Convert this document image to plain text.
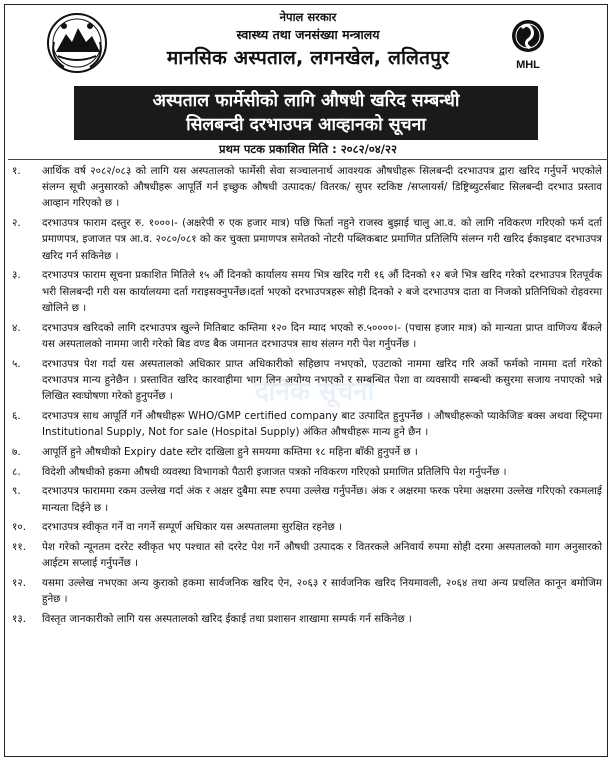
नेपाल सरकार
स्वास्थ्य तथा जनसंख्या मन्त्रालय
मानसिक अस्पताल, लगनखेल, ललितपुर	MHL
अस्पताल फार्मेसीको लागि औषधी खरिद सम्बन्धी
सिलबन्दी दरभाउपत्र आव्हानको सूचना
प्रथम पटक प्रकाशित मिति : २०८२/०४/२२
देनिक सूचना
१.	आर्थिक वर्ष २०८२/०८३ को लागि यस अस्पतालको फार्मेसी सेवा सञ्चालनार्थ आवश्यक औषधीहरू सिलबन्दी दरभाउपत्र द्वारा खरिद गर्नुपर्ने भएकोले संलग्न सूची अनुसारको औषधीहरू आपूर्ति गर्न इच्छुक औषधी उत्पादक/ वितरक/ सुपर स्टकिष्ट /सप्लायर्स/ डिष्ट्रिब्युटर्सबाट सिलबन्दी दरभाउ प्रस्ताव आव्हान गरिएको छ ।
२.	दरभाउपत्र फाराम दस्तुर रु. १०००।- (अक्षरेपी रु एक हजार मात्र) पछि फिर्ता नहुने राजस्व बुझाई चालु आ.व. को लागि नविकरण गरिएको फर्म दर्ता प्रमाणपत्र, इजाजत पत्र आ.व. २०८०/०८१ को कर चुक्ता प्रमाणपत्र समेतको नोटरी पब्लिकबाट प्रमाणित प्रतिलिपि संलग्न गरी खरिद ईकाइबाट दरभाउपत्र खरिद गर्न सकिनेछ ।
३.	दरभाउपत्र फाराम सूचना प्रकाशित मितिले १५ औं दिनको कार्यालय समय भित्र खरिद गरी १६ औं दिनको १२ बजे भित्र खरिद गरेको दरभाउपत्र रितपूर्वक भरी सिलबन्दी गरी यस कार्यालयमा दर्ता गराइसक्नुपर्नेछ।दर्ता भएको दरभाउपत्रहरू सोही दिनको २ बजे दरभाउपत्र दाता वा निजको प्रतिनिधिको रोहवरमा खोलिने छ ।
४.	दरभाउपत्र खरिदको लागि दरभाउपत्र खुल्ने मितिबाट कम्तिमा १२० दिन म्याद भएको रु.५००००।- (पचास हजार मात्र) को मान्यता प्राप्त वाणिज्य बैंकले यस अस्पतालको नाममा जारी गरेको बिड वण्ड बैक जमानत दरभाउपत्र साथ संलग्न गरी पेश गर्नुपर्नेछ ।
५.	दरभाउपत्र पेश गर्दा यस अस्पतालको अधिकार प्राप्त अधिकारीको सहिछाप नभएको, एउटाको नाममा खरिद गरि अर्को फर्मको नाममा दर्ता गरेको दरभाउपत्र मान्य हुनेछैन । प्रस्तावित खरिद कारवाहीमा भाग लिन अयोग्य नभएको र सम्बन्धित पेशा वा व्यवसायी सम्बन्धी कसुरमा सजाय नपाएको भन्ने लिखित स्वःघोषणा गरेको हुनुपर्नेछ ।
६.	दरभाउपत्र साथ आपूर्ति गर्ने औषधीहरू WHO/GMP certified company बाट उत्पादित हुनुपर्नेछ । औषधीहरूको प्याकेजिङ बक्स अथवा स्ट्रिपमा Institutional Supply, Not for sale (Hospital Supply) अंकित औषधीहरू मान्य हुने छैन ।
७.	आपूर्ति हुने औषधीको Expiry date स्टोर दाखिला हुने समयमा कम्तिमा १८ महिना बाँकी हुनुपर्ने छ ।
८.	विदेशी औषधीको हकमा औषधी व्यवस्था विभागको पैठारी इजाजत पत्रको नविकरण गरिएको प्रमाणित प्रतिलिपि पेश गर्नुपर्नेछ ।
९.	दरभाउपत्र फाराममा रकम उल्लेख गर्दा अंक र अक्षर दुबैमा स्पष्ट रुपमा उल्लेख गर्नुपर्नेछ। अंक र अक्षरमा फरक परेमा अक्षरमा उल्लेख गरिएको रकमलाई मान्यता दिईने छ ।
१०.	दरभाउपत्र स्वीकृत गर्ने वा नगर्ने सम्पूर्ण अधिकार यस अस्पतालमा सुरक्षित रहनेछ ।
११.	पेश गरेको न्यूनतम दररेट स्वीकृत भए पश्चात सो दररेट पेश गर्ने औषधी उत्पादक र वितरकले अनिवार्य रुपमा सोही दरमा अस्पतालको माग अनुसारको आईटम सप्लाई गर्नुपर्नेछ ।
१२.	यसमा उल्लेख नभएका अन्य कुराको हकमा सार्वजनिक खरिद ऐन, २०६३ र सार्वजनिक खरिद नियमावली, २०६४ तथा अन्य प्रचलित कानून बमोजिम हुनेछ ।
१३.	विस्तृत जानकारीको लागि यस अस्पतालको खरिद ईकाई तथा प्रशासन शाखामा सम्पर्क गर्न सकिनेछ ।
